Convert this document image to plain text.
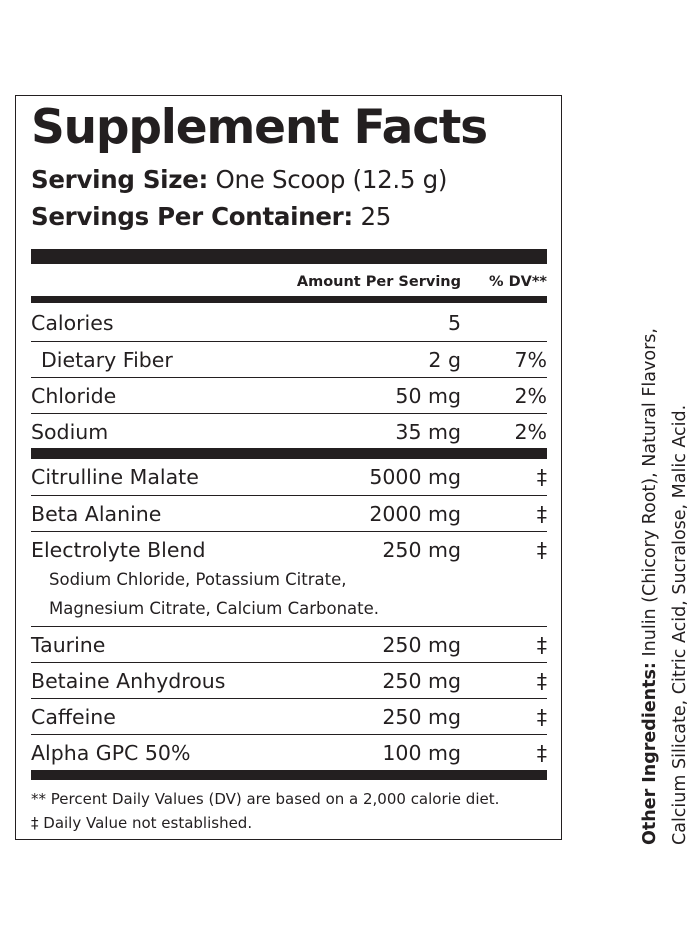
Supplement Facts
Serving Size: One Scoop (12.5 g)
Servings Per Container: 25
Amount Per Serving % DV**
Calories	5
Dietary Fiber	2 g	7%
Chloride	50 mg	2%
Sodium	35 mg	2%
Citrulline Malate	5000 mg	‡
Beta Alanine	2000 mg	‡
Electrolyte Blend	250 mg	‡
Sodium Chloride, Potassium Citrate,
Magnesium Citrate, Calcium Carbonate.
Taurine	250 mg	‡
Betaine Anhydrous	250 mg	‡
Caffeine	250 mg	‡
Alpha GPC 50%	100 mg	‡
** Percent Daily Values (DV) are based on a 2,000 calorie diet.
‡ Daily Value not established.	Other Ingredients: Inulin (Chicory Root), Natural Flavors, Calcium Silicate, Citric Acid, Sucralose, Malic Acid.
